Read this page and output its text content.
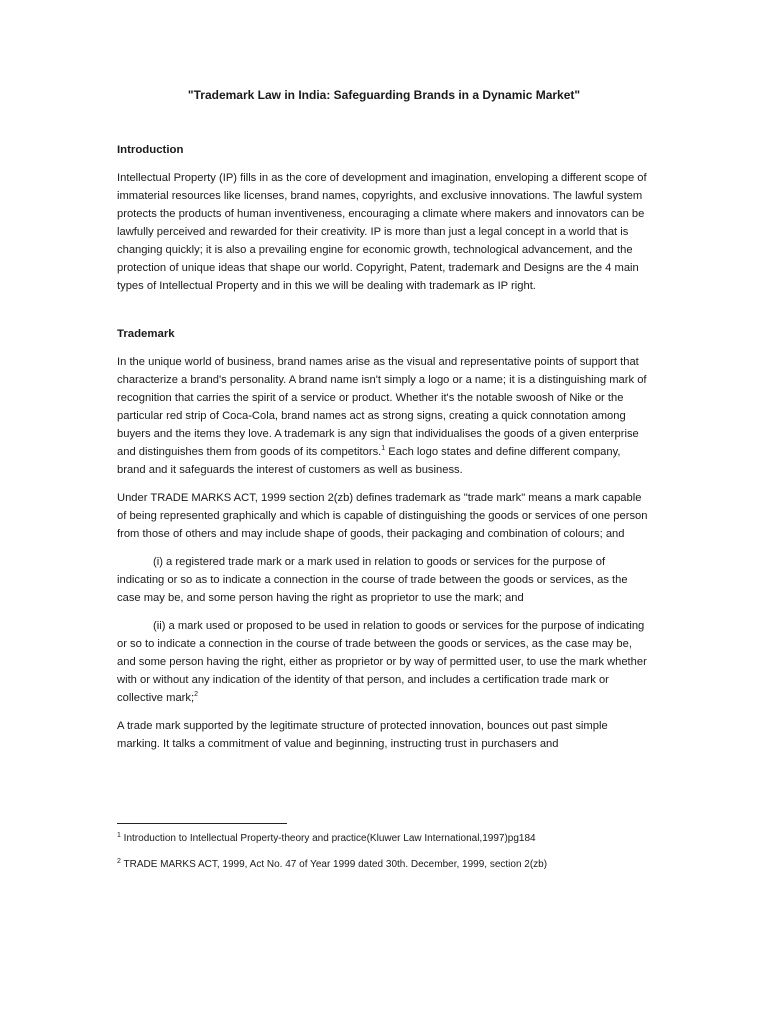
"Trademark Law in India: Safeguarding Brands in a Dynamic Market"

Introduction

Intellectual Property (IP) fills in as the core of development and imagination, enveloping a different scope of immaterial resources like licenses, brand names, copyrights, and exclusive innovations. The lawful system protects the products of human inventiveness, encouraging a climate where makers and innovators can be lawfully perceived and rewarded for their creativity. IP is more than just a legal concept in a world that is changing quickly; it is also a prevailing engine for economic growth, technological advancement, and the protection of unique ideas that shape our world. Copyright, Patent, trademark and Designs are the 4 main types of Intellectual Property and in this we will be dealing with trademark as IP right.

Trademark

In the unique world of business, brand names arise as the visual and representative points of support that characterize a brand's personality. A brand name isn't simply a logo or a name; it is a distinguishing mark of recognition that carries the spirit of a service or product. Whether it's the notable swoosh of Nike or the particular red strip of Coca-Cola, brand names act as strong signs, creating a quick connotation among buyers and the items they love. A trademark is any sign that individualises the goods of a given enterprise and distinguishes them from goods of its competitors.$^1$ Each logo states and define different company, brand and it safeguards the interest of customers as well as business.

Under TRADE MARKS ACT, 1999 section 2(zb) defines trademark as "trade mark" means a mark capable of being represented graphically and which is capable of distinguishing the goods or services of one person from those of others and may include shape of goods, their packaging and combination of colours; and

(i) a registered trade mark or a mark used in relation to goods or services for the purpose of indicating or so as to indicate a connection in the course of trade between the goods or services, as the case may be, and some person having the right as proprietor to use the mark; and

(ii) a mark used or proposed to be used in relation to goods or services for the purpose of indicating or so to indicate a connection in the course of trade between the goods or services, as the case may be, and some person having the right, either as proprietor or by way of permitted user, to use the mark whether with or without any indication of the identity of that person, and includes a certification trade mark or collective mark;$^2$

A trade mark supported by the legitimate structure of protected innovation, bounces out past simple marking. It talks a commitment of value and beginning, instructing trust in purchasers and

$^1$ Introduction to Intellectual Property-theory and practice(Kluwer Law International,1997)pg184

$^2$ TRADE MARKS ACT, 1999, Act No. 47 of Year 1999 dated 30th. December, 1999, section 2(zb)
